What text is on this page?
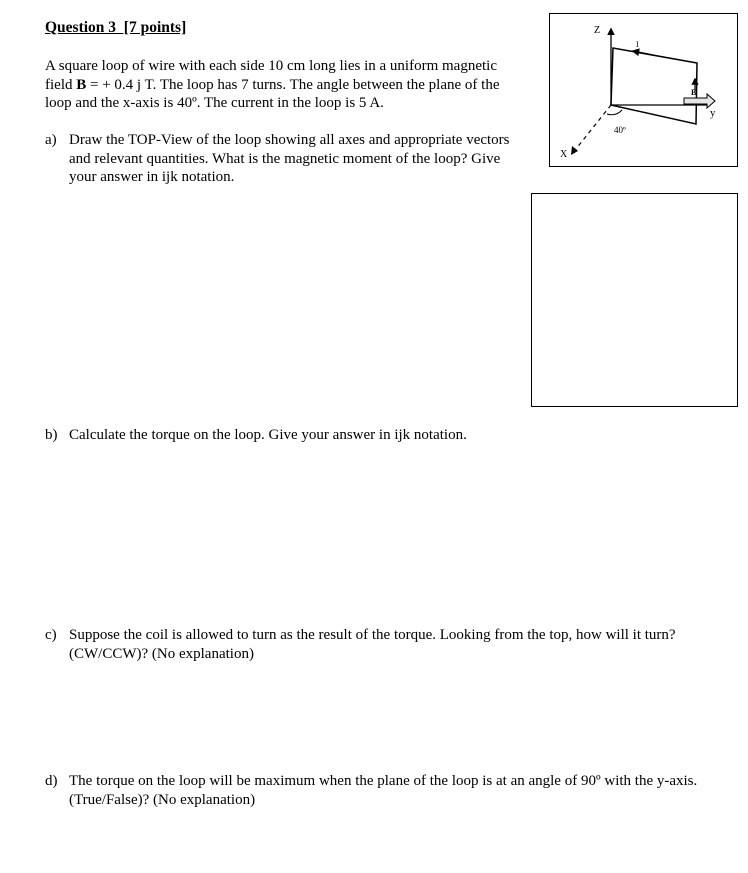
Question 3  [7 points]
A square loop of wire with each side 10 cm long lies in a uniform magnetic
field B = + 0.4 j T. The loop has 7 turns. The angle between the plane of the
loop and the x-axis is 40º. The current in the loop is 5 A.
Z
y
X
I
B
40º
a) Draw the TOP-View of the loop showing all axes and appropriate vectors and relevant quantities. What is the magnetic moment of the loop? Give your answer in ijk notation.
b) Calculate the torque on the loop. Give your answer in ijk notation.
c) Suppose the coil is allowed to turn as the result of the torque. Looking from the top, how will it turn? (CW/CCW)? (No explanation)
d) The torque on the loop will be maximum when the plane of the loop is at an angle of 90º with the y-axis. (True/False)? (No explanation)
